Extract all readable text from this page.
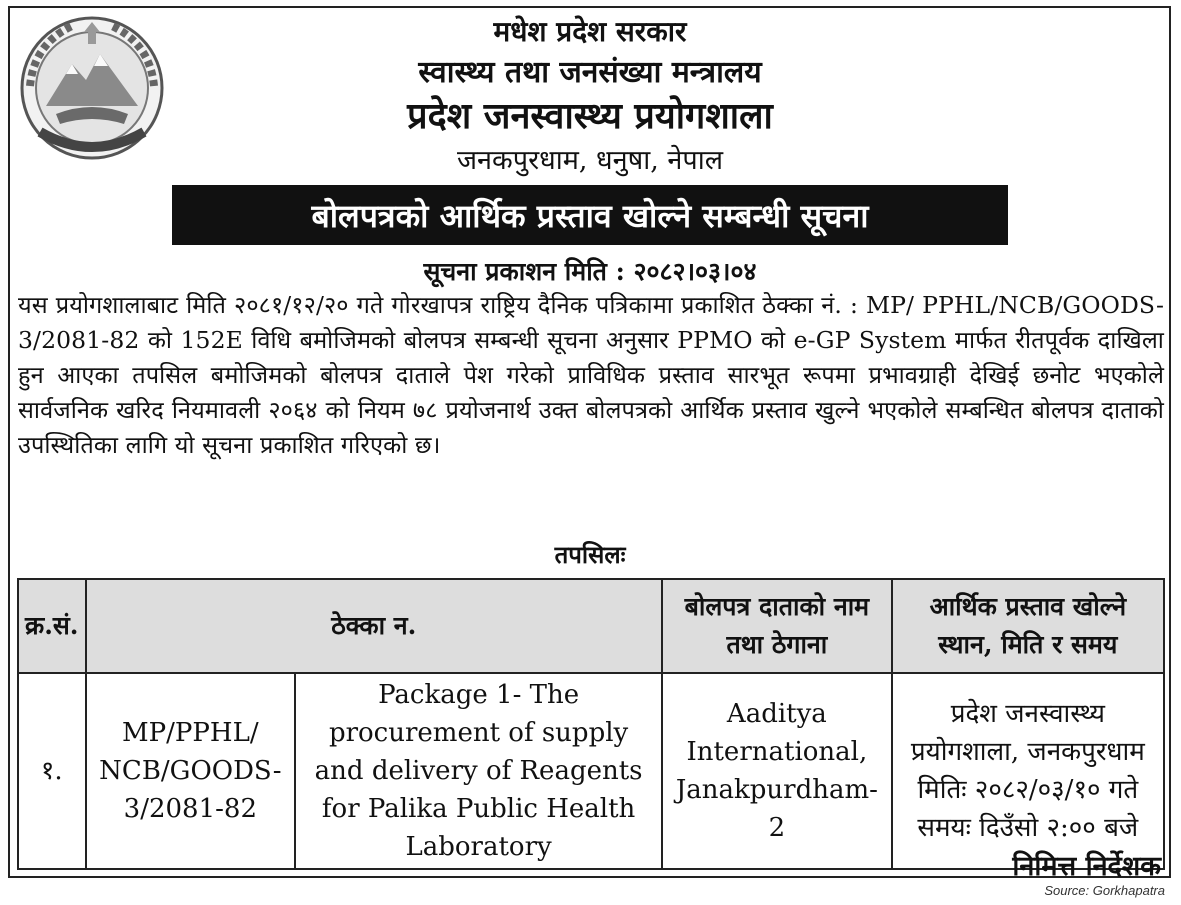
मधेश प्रदेश सरकार
स्वास्थ्य तथा जनसंख्या मन्त्रालय
प्रदेश जनस्वास्थ्य प्रयोगशाला
जनकपुरधाम, धनुषा, नेपाल
बोलपत्रको आर्थिक प्रस्ताव खोल्ने सम्बन्धी सूचना
सूचना प्रकाशन मिति : २०८२।०३।०४
यस प्रयोगशालाबाट मिति २०८१/१२/२० गते गोरखापत्र राष्ट्रिय दैनिक पत्रिकामा प्रकाशित ठेक्का नं. : MP/ PPHL/NCB/GOODS-3/2081-82 को 152E विधि बमोजिमको बोलपत्र सम्बन्धी सूचना अनुसार PPMO को e-GP System मार्फत रीतपूर्वक दाखिला हुन आएका तपसिल बमोजिमको बोलपत्र दाताले पेश गरेको प्राविधिक प्रस्ताव सारभूत रूपमा प्रभावग्राही देखिई छनोट भएकोले सार्वजनिक खरिद नियमावली २०६४ को नियम ७८ प्रयोजनार्थ उक्त बोलपत्रको आर्थिक प्रस्ताव खुल्ने भएकोले सम्बन्धित बोलपत्र दाताको उपस्थितिका लागि यो सूचना प्रकाशित गरिएको छ।
तपसिलः
क्र.सं.	ठेक्का न.		बोलपत्र दाताको नाम तथा ठेगाना	आर्थिक प्रस्ताव खोल्ने स्थान, मिति र समय
१.	MP/PPHL/ NCB/GOODS- 3/2081-82	Package 1- The procurement of supply and delivery of Reagents for Palika Public Health Laboratory	Aaditya International, Janakpurdham-2	प्रदेश जनस्वास्थ्य प्रयोगशाला, जनकपुरधाम
मितिः २०८२/०३/१० गते
समयः दिउँसो २:०० बजे
निमित्त निर्देशक
Source: Gorkhapatra
